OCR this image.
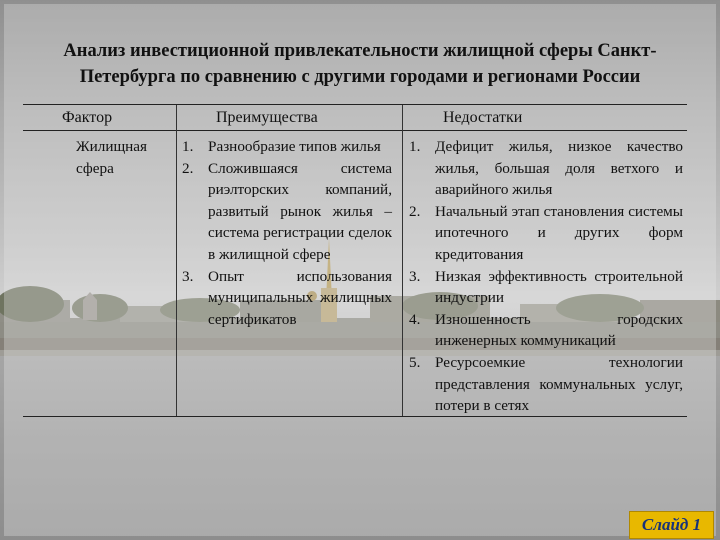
Анализ инвестиционной привлекательности жилищной сферы Санкт-Петербурга по сравнению с другими городами и регионами России
Фактор	Преимущества	Недостатки
Жилищная сфера
1. Разнообразие типов жилья
2. Сложившаяся система риэлторских компаний, развитый рынок жилья – система регистрации сделок в жилищной сфере
3. Опыт использования муниципальных жилищных сертификатов
1. Дефицит жилья, низкое качество жилья, большая доля ветхого и аварийного жилья
2. Начальный этап становления системы ипотечного и других форм кредитования
3. Низкая эффективность строительной индустрии
4. Изношенность городских инженерных коммуникаций
5. Ресурсоемкие технологии представления коммунальных услуг, потери в сетях
Слайд 1
